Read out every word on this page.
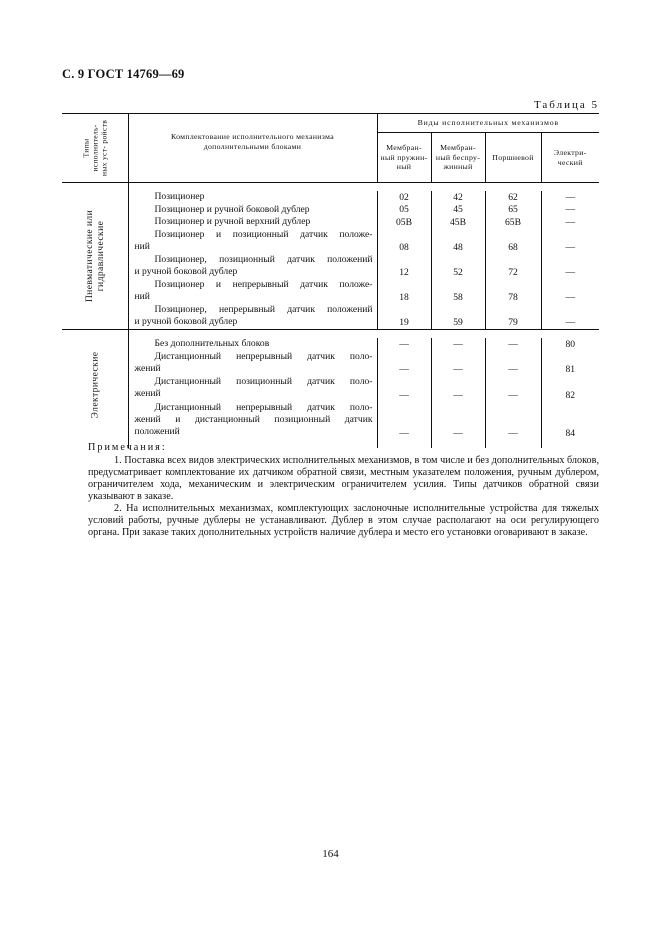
С. 9 ГОСТ 14769—69
Таблица 5
Типы исполнитель- ных уст- ройств	Комплектование исполнительного механизма дополнительными блоками	Виды исполнительных механизмов			

		Мембран- ный пружин- ный	Мембран- ный беспру- жинный	Поршневой	Электри- ческий

Пневматические или гидравлические					

	Позиционер	02	42	62	—

	Позиционер и ручной боковой дублер	05	45	65	—

	Позиционер и ручной верхний дублер	05В	45В	65В	—

	Позиционер и позиционный датчик положе-
ний	08	48	68	—

	Позиционер, позиционный датчик положений
и ручной боковой дублер	12	52	72	—

	Позиционер и непрерывный датчик положе-
ний	18	58	78	—

	Позиционер, непрерывный датчик положений
и ручной боковой дублер	19	59	79	—

Электрические					

	Без дополнительных блоков	—	—	—	80

	Дистанционный непрерывный датчик поло-
жений	—	—	—	81

	Дистанционный позиционный датчик поло-
жений	—	—	—	82

	Дистанционный непрерывный датчик поло-
жений и дистанционный позиционный датчик
положений	—	—	—	84

Примечания:

1. Поставка всех видов электрических исполнительных механизмов, в том числе и без дополнительных блоков, предусматривает комплектование их датчиком обратной связи, местным указателем положения, ручным дублером, ограничителем хода, механическим и электрическим ограничителем усилия. Типы датчиков обратной связи указывают в заказе.

2. На исполнительных механизмах, комплектующих заслоночные исполнительные устройства для тяжелых условий работы, ручные дублеры не устанавливают. Дублер в этом случае располагают на оси регулирующего органа. При заказе таких дополнительных устройств наличие дублера и место его установки оговаривают в заказе.

164
